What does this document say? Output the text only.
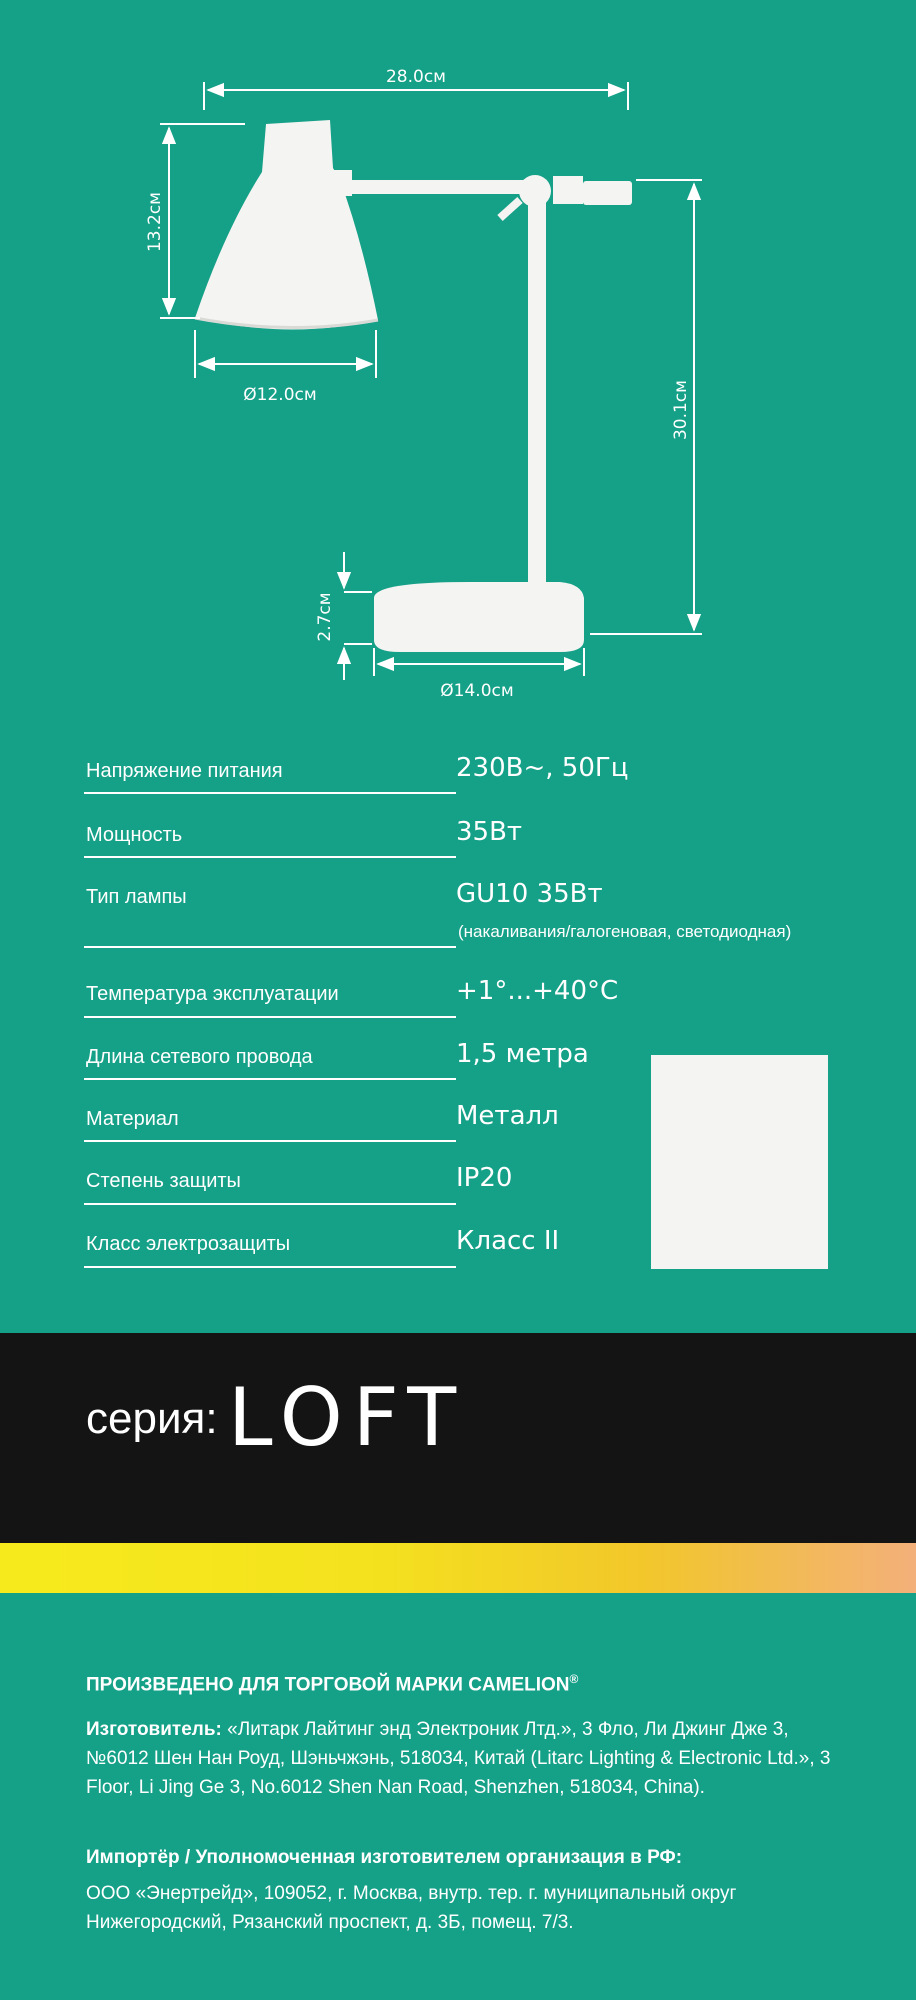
28.0см
13.2см
Ø12.0см	30.1см
2.7см
Ø14.0см
Напряжение питания	230В~, 50Гц
Мощность	35Вт
Тип лампы	GU10 35Вт
(накаливания/галогеновая, светодиодная)
Температура эксплуатации	+1°...+40°С
Длина сетевого провода	1,5 метра
Материал	Металл
Степень защиты	IP20
Класс электрозащиты	Класс II
серия: LOFT
ПРОИЗВЕДЕНО ДЛЯ ТОРГОВОЙ МАРКИ CAMELION®
Изготовитель: «Литарк Лайтинг энд Электроник Лтд.», 3 Фло, Ли Джинг Дже 3, №6012 Шен Нан Роуд, Шэньчжэнь, 518034, Китай (Litarc Lighting & Electronic Ltd.», 3 Floor, Li Jing Ge 3, No.6012 Shen Nan Road, Shenzhen, 518034, China).
Импортёр / Уполномоченная изготовителем организация в РФ:
ООО «Энертрейд», 109052, г. Москва, внутр. тер. г. муниципальный округ Нижегородский, Рязанский проспект, д. 3Б, помещ. 7/3.
